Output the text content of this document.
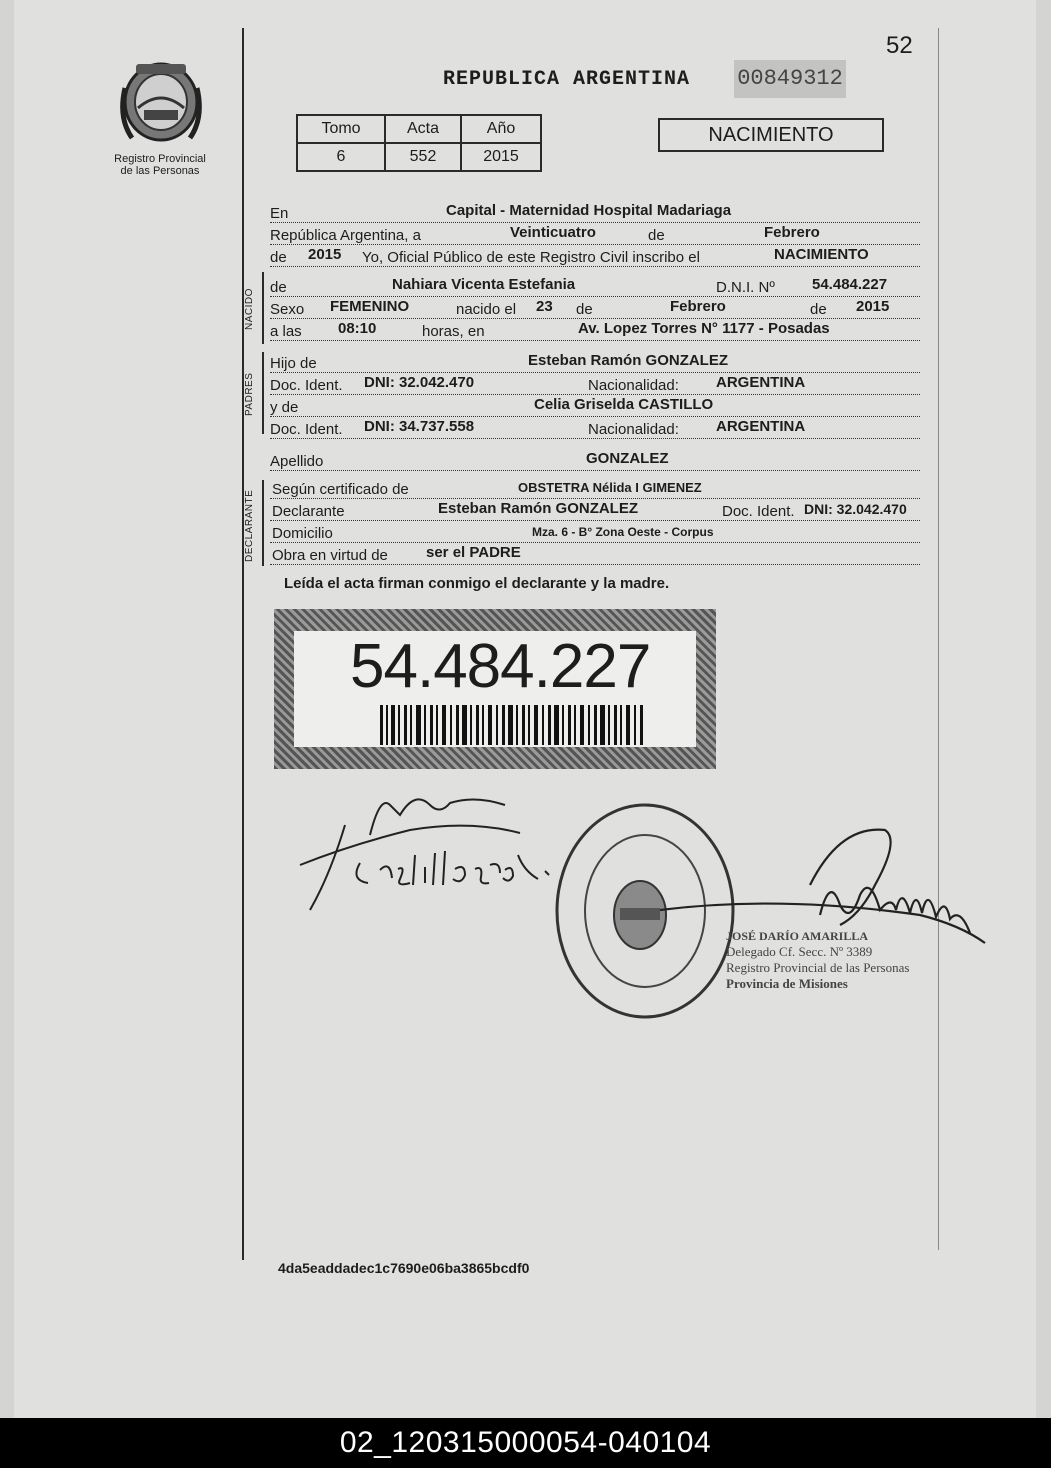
52
Registro Provincial
de las Personas
REPUBLICA ARGENTINA 00849312
Tomo	Acta	Año
6	552	2015
NACIMIENTO
En	Capital - Maternidad Hospital Madariaga
República Argentina, a	Veinticuatro	de	Febrero
de 2015 Yo, Oficial Público de este Registro Civil inscribo el	NACIMIENTO
NACIDO
de	Nahiara Vicenta Estefania	D.N.I. Nº 54.484.227
Sexo FEMENINO	nacido el 23 de	Febrero	de 2015
a las 08:10	horas, en	Av. Lopez Torres N° 1177 - Posadas
PADRES
Hijo de	Esteban Ramón GONZALEZ
Doc. Ident. DNI: 32.042.470	Nacionalidad: ARGENTINA
y de	Celia Griselda CASTILLO
Doc. Ident. DNI: 34.737.558	Nacionalidad: ARGENTINA
Apellido	GONZALEZ
DECLARANTE
Según certificado de	OBSTETRA Nélida I GIMENEZ
Declarante	Esteban Ramón GONZALEZ	Doc. Ident. DNI: 32.042.470
Domicilio	Mza. 6 - B° Zona Oeste - Corpus
Obra en virtud de	ser el PADRE
Leída el acta firman conmigo el declarante y la madre.
54.484.227
JOSÉ DARÍO AMARILLA
Delegado Cf. Secc. Nº 3389
Registro Provincial de las Personas
Provincia de Misiones
4da5eaddadec1c7690e06ba3865bcdf0
02_120315000054-040104
